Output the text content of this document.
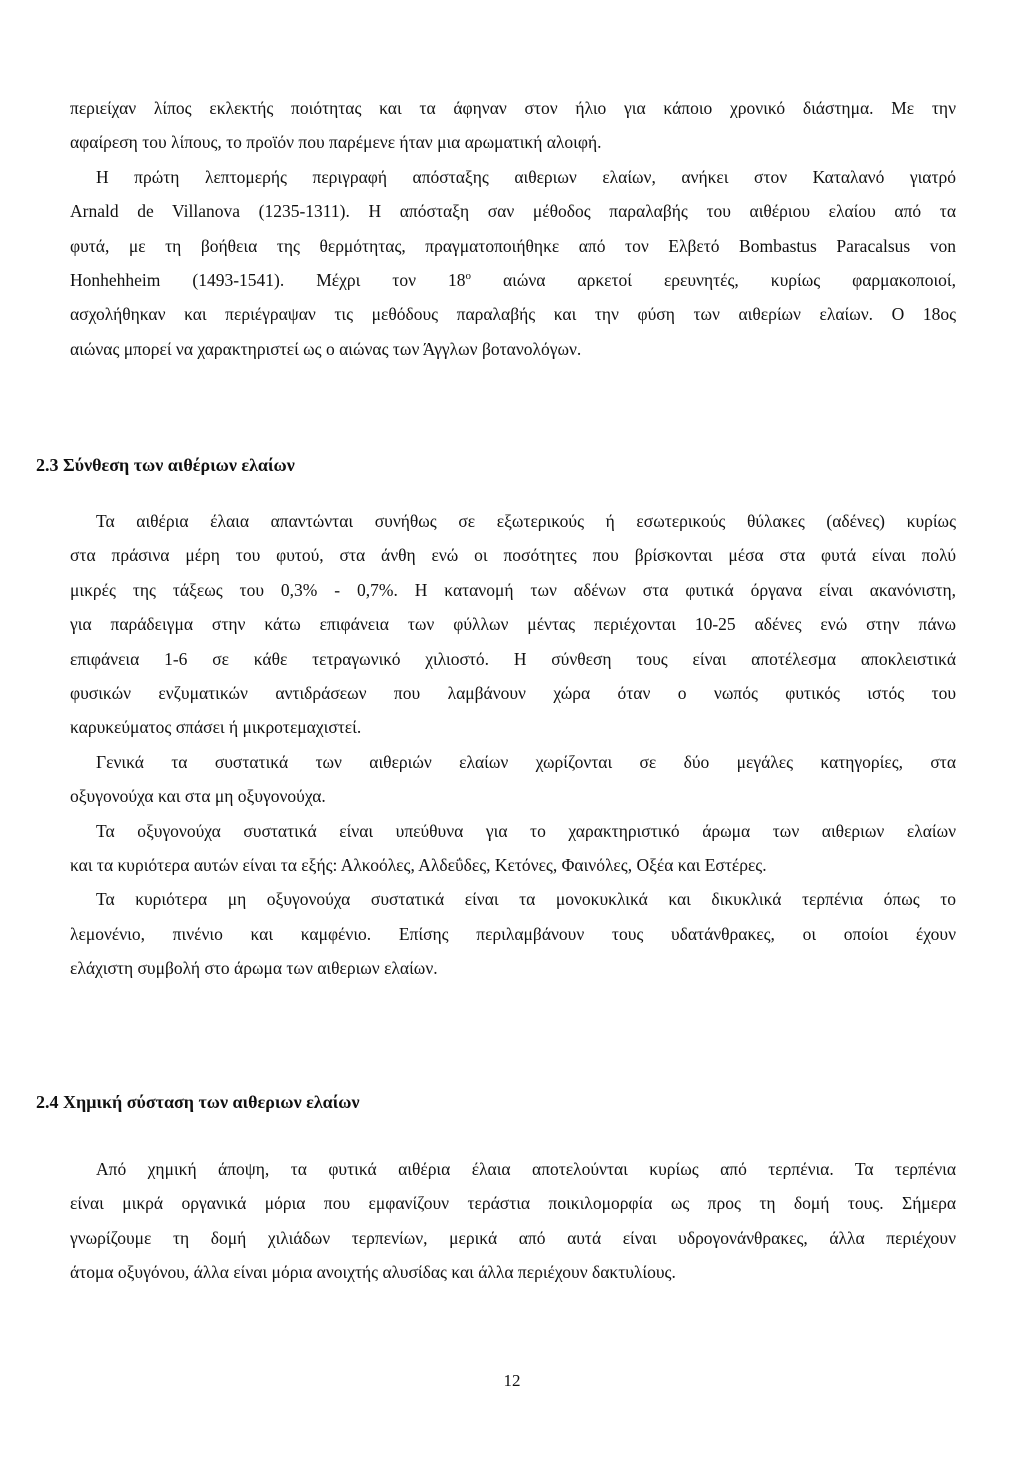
περιείχαν λίπος εκλεκτής ποιότητας και τα άφηναν στον ήλιο για κάποιο χρονικό διάστημα. Με την
αφαίρεση του λίπους, το προϊόν που παρέμενε ήταν μια αρωματική αλοιφή.
Η πρώτη λεπτομερής περιγραφή απόσταξης αιθεριων ελαίων, ανήκει στον Καταλανό γιατρό
Arnald de Villanova (1235-1311). Η απόσταξη σαν μέθοδος παραλαβής του αιθέριου ελαίου από τα
φυτά, με τη βοήθεια της θερμότητας, πραγματοποιήθηκε από τον Ελβετό Bombastus Paracalsus von
Honhehheim (1493-1541). Μέχρι τον $18^o$ αιώνα αρκετοί ερευνητές, κυρίως φαρμακοποιοί,
ασχολήθηκαν και περιέγραψαν τις μεθόδους παραλαβής και την φύση των αιθερίων ελαίων. Ο 18ος
αιώνας μπορεί να χαρακτηριστεί ως ο αιώνας των Άγγλων βοτανολόγων.

2.3 Σύνθεση των αιθέριων ελαίων

Τα αιθέρια έλαια απαντώνται συνήθως σε εξωτερικούς ή εσωτερικούς θύλακες (αδένες) κυρίως
στα πράσινα μέρη του φυτού, στα άνθη ενώ οι ποσότητες που βρίσκονται μέσα στα φυτά είναι πολύ
μικρές της τάξεως του 0,3% - 0,7%. Η κατανομή των αδένων στα φυτικά όργανα είναι ακανόνιστη,
για παράδειγμα στην κάτω επιφάνεια των φύλλων μέντας περιέχονται 10-25 αδένες ενώ στην πάνω
επιφάνεια 1-6 σε κάθε τετραγωνικό χιλιοστό. Η σύνθεση τους είναι αποτέλεσμα αποκλειστικά
φυσικών ενζυματικών αντιδράσεων που λαμβάνουν χώρα όταν ο νωπός φυτικός ιστός του
καρυκεύματος σπάσει ή μικροτεμαχιστεί.

Γενικά τα συστατικά των αιθεριών ελαίων χωρίζονται σε δύο μεγάλες κατηγορίες, στα
οξυγονούχα και στα μη οξυγονούχα.

Τα οξυγονούχα συστατικά είναι υπεύθυνα για το χαρακτηριστικό άρωμα των αιθεριων ελαίων
και τα κυριότερα αυτών είναι τα εξής: Αλκοόλες, Αλδεΰδες, Κετόνες, Φαινόλες, Οξέα και Εστέρες.

Τα κυριότερα μη οξυγονούχα συστατικά είναι τα μονοκυκλικά και δικυκλικά τερπένια όπως το
λεμονένιο, πινένιο και καμφένιο. Επίσης περιλαμβάνουν τους υδατάνθρακες, οι οποίοι έχουν
ελάχιστη συμβολή στο άρωμα των αιθεριων ελαίων.

2.4 Χημική σύσταση των αιθεριων ελαίων

Από χημική άποψη, τα φυτικά αιθέρια έλαια αποτελούνται κυρίως από τερπένια. Τα τερπένια
είναι μικρά οργανικά μόρια που εμφανίζουν τεράστια ποικιλομορφία ως προς τη δομή τους. Σήμερα
γνωρίζουμε τη δομή χιλιάδων τερπενίων, μερικά από αυτά είναι υδρογονάνθρακες, άλλα περιέχουν
άτομα οξυγόνου, άλλα είναι μόρια ανοιχτής αλυσίδας και άλλα περιέχουν δακτυλίους.

12
